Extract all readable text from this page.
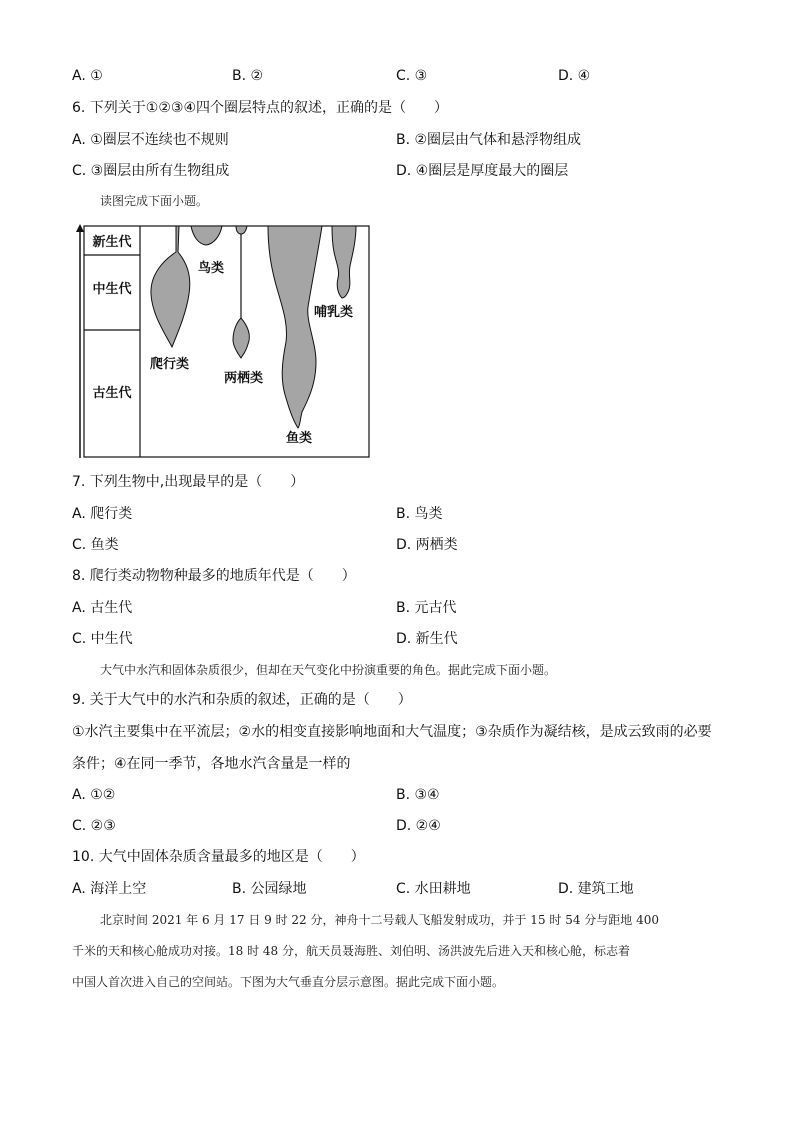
A. ①	B. ②	C. ③	D. ④
6. 下列关于①②③④四个圈层特点的叙述，正确的是（　　）
A. ①圈层不连续也不规则	B. ②圈层由气体和悬浮物组成
C. ③圈层由所有生物组成	D. ④圈层是厚度最大的圈层
读图完成下面小题。
新生代
中生代
古生代
鸟类
哺乳类
爬行类
两栖类
鱼类
7. 下列生物中,出现最早的是（　　）
A. 爬行类	B. 鸟类
C. 鱼类	D. 两栖类
8. 爬行类动物物种最多的地质年代是（　　）
A. 古生代	B. 元古代
C. 中生代	D. 新生代
大气中水汽和固体杂质很少，但却在天气变化中扮演重要的角色。据此完成下面小题。
9. 关于大气中的水汽和杂质的叙述，正确的是（　　）
①水汽主要集中在平流层；②水的相变直接影响地面和大气温度；③杂质作为凝结核，是成云致雨的必要
条件；④在同一季节，各地水汽含量是一样的
A. ①②	B. ③④
C. ②③	D. ②④
10. 大气中固体杂质含量最多的地区是（　　）
A. 海洋上空	B. 公园绿地	C. 水田耕地	D. 建筑工地
北京时间 2021 年 6 月 17 日 9 时 22 分，神舟十二号载人飞船发射成功，并于 15 时 54 分与距地 400
千米的天和核心舱成功对接。18 时 48 分，航天员聂海胜、刘伯明、汤洪波先后进入天和核心舱，标志着
中国人首次进入自己的空间站。下图为大气垂直分层示意图。据此完成下面小题。
